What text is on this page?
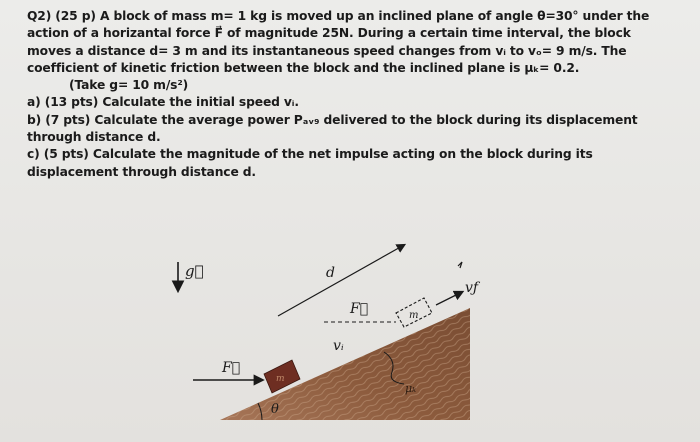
Q2) (25 p) A block of mass m= 1 kg is moved up an inclined plane of angle θ=30° under the
action of a horizantal force F⃗ of magnitude 25N. During a certain time interval, the block
moves a distance d= 3 m and its instantaneous speed changes from vᵢ to vₒ= 9 m/s. The
coefficient of kinetic friction between the block and the inclined plane is μₖ= 0.2.
(Take g= 10 m/s²)
a) (13 pts) Calculate the initial speed vᵢ.
b) (7 pts) Calculate the average power Pₐᵥ₉ delivered to the block during its displacement
through distance d.
c) (5 pts) Calculate the magnitude of the net impulse acting on the block during its
displacement through distance d.
g⃗	d
m
F⃗
vƒ
vᵢ
F⃗
m
μₖ
θ
